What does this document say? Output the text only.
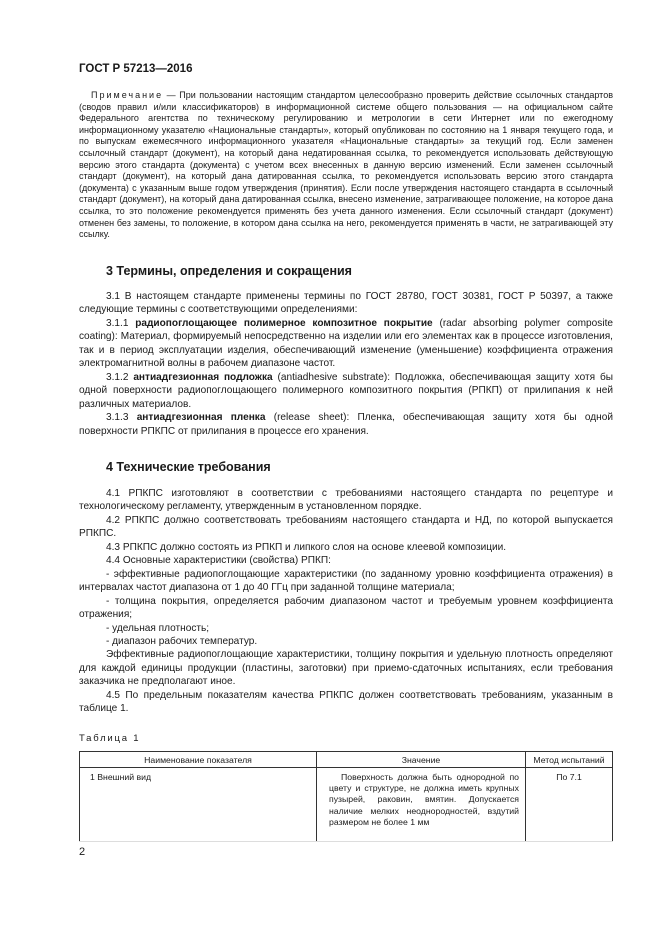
ГОСТ Р 57213—2016

Примечание — При пользовании настоящим стандартом целесообразно проверить действие ссылочных стандартов (сводов правил и/или классификаторов) в информационной системе общего пользования — на официальном сайте Федерального агентства по техническому регулированию и метрологии в сети Интернет или по ежегодному информационному указателю «Национальные стандарты», который опубликован по состоянию на 1 января текущего года, и по выпускам ежемесячного информационного указателя «Национальные стандарты» за текущий год. Если заменен ссылочный стандарт (документ), на который дана недатированная ссылка, то рекомендуется использовать действующую версию этого стандарта (документа) с учетом всех внесенных в данную версию изменений. Если заменен ссылочный стандарт (документ), на который дана датированная ссылка, то рекомендуется использовать версию этого стандарта (документа) с указанным выше годом утверждения (принятия). Если после утверждения настоящего стандарта в ссылочный стандарт (документ), на который дана датированная ссылка, внесено изменение, затрагивающее положение, на которое дана ссылка, то это положение рекомендуется применять без учета данного изменения. Если ссылочный стандарт (документ) отменен без замены, то положение, в котором дана ссылка на него, рекомендуется применять в части, не затрагивающей эту ссылку.

3 Термины, определения и сокращения

3.1 В настоящем стандарте применены термины по ГОСТ 28780, ГОСТ 30381, ГОСТ Р 50397, а также следующие термины с соответствующими определениями:

3.1.1 радиопоглощающее полимерное композитное покрытие (radar absorbing polymer composite coating): Материал, формируемый непосредственно на изделии или его элементах как в процессе изготовления, так и в период эксплуатации изделия, обеспечивающий изменение (уменьшение) коэффициента отражения электромагнитной волны в рабочем диапазоне частот.

3.1.2 антиадгезионная подложка (antiadhesive substrate): Подложка, обеспечивающая защиту хотя бы одной поверхности радиопоглощающего полимерного композитного покрытия (РПКП) от прилипания к ней различных материалов.

3.1.3 антиадгезионная пленка (release sheet): Пленка, обеспечивающая защиту хотя бы одной поверхности РПКПС от прилипания в процессе его хранения.

4 Технические требования

4.1 РПКПС изготовляют в соответствии с требованиями настоящего стандарта по рецептуре и технологическому регламенту, утвержденным в установленном порядке.

4.2 РПКПС должно соответствовать требованиям настоящего стандарта и НД, по которой выпускается РПКПС.

4.3 РПКПС должно состоять из РПКП и липкого слоя на основе клеевой композиции.

4.4 Основные характеристики (свойства) РПКП:

- эффективные радиопоглощающие характеристики (по заданному уровню коэффициента отражения) в интервалах частот диапазона от 1 до 40 ГГц при заданной толщине материала;

- толщина покрытия, определяется рабочим диапазоном частот и требуемым уровнем коэффициента отражения;

- удельная плотность;

- диапазон рабочих температур.

Эффективные радиопоглощающие характеристики, толщину покрытия и удельную плотность определяют для каждой единицы продукции (пластины, заготовки) при приемо-сдаточных испытаниях, если требования заказчика не предполагают иное.

4.5 По предельным показателям качества РПКПС должен соответствовать требованиям, указанным в таблице 1.

Таблица 1
Наименование показателя	Значение	Метод испытаний
1 Внешний вид	Поверхность должна быть однородной по цвету и структуре, не должна иметь крупных пузырей, раковин, вмятин. Допускается наличие мелких неоднородностей, вздутий размером не более 1 мм	По 7.1
2
